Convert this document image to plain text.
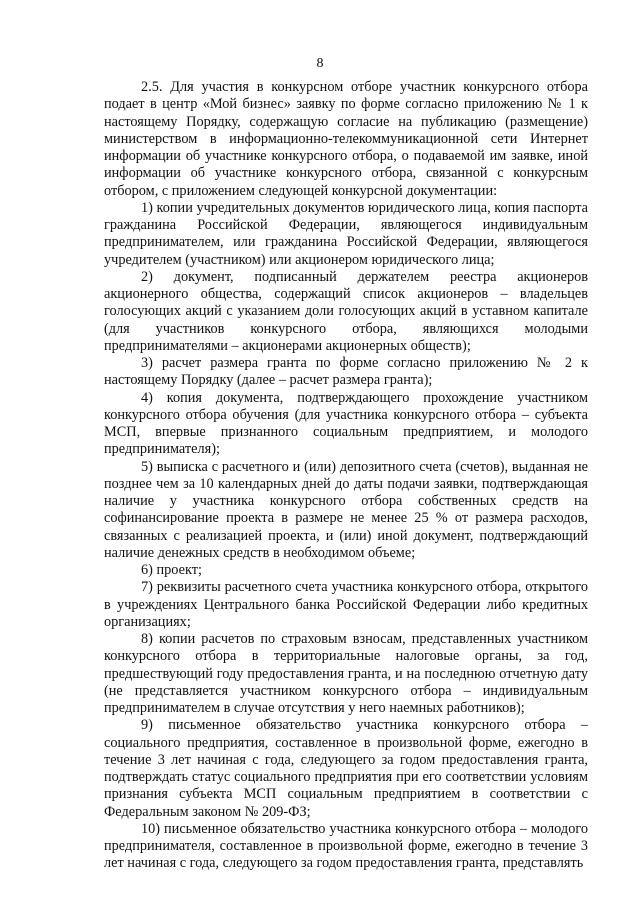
8

2.5. Для участия в конкурсном отборе участник конкурсного отбора подает в центр «Мой бизнес» заявку по форме согласно приложению № 1 к настоящему Порядку, содержащую согласие на публикацию (размещение) министерством в информационно-телекоммуникационной сети Интернет информации об участнике конкурсного отбора, о подаваемой им заявке, иной информации об участнике конкурсного отбора, связанной с конкурсным отбором, с приложением следующей конкурсной документации:

1) копии учредительных документов юридического лица, копия паспорта гражданина Российской Федерации, являющегося индивидуальным предпринимателем, или гражданина Российской Федерации, являющегося учредителем (участником) или акционером юридического лица;

2) документ, подписанный держателем реестра акционеров акционерного общества, содержащий список акционеров – владельцев голосующих акций с указанием доли голосующих акций в уставном капитале (для участников конкурсного отбора, являющихся молодыми предпринимателями – акционерами акционерных обществ);

3) расчет размера гранта по форме согласно приложению № 2 к настоящему Порядку (далее – расчет размера гранта);

4) копия документа, подтверждающего прохождение участником конкурсного отбора обучения (для участника конкурсного отбора – субъекта МСП, впервые признанного социальным предприятием, и молодого предпринимателя);

5) выписка с расчетного и (или) депозитного счета (счетов), выданная не позднее чем за 10 календарных дней до даты подачи заявки, подтверждающая наличие у участника конкурсного отбора собственных средств на софинансирование проекта в размере не менее 25 % от размера расходов, связанных с реализацией проекта, и (или) иной документ, подтверждающий наличие денежных средств в необходимом объеме;

6) проект;

7) реквизиты расчетного счета участника конкурсного отбора, открытого в учреждениях Центрального банка Российской Федерации либо кредитных организациях;

8) копии расчетов по страховым взносам, представленных участником конкурсного отбора в территориальные налоговые органы, за год, предшествующий году предоставления гранта, и на последнюю отчетную дату (не представляется участником конкурсного отбора – индивидуальным предпринимателем в случае отсутствия у него наемных работников);

9) письменное обязательство участника конкурсного отбора – социального предприятия, составленное в произвольной форме, ежегодно в течение 3 лет начиная с года, следующего за годом предоставления гранта, подтверждать статус социального предприятия при его соответствии условиям признания субъекта МСП социальным предприятием в соответствии с Федеральным законом № 209-ФЗ;

10) письменное обязательство участника конкурсного отбора – молодого предпринимателя, составленное в произвольной форме, ежегодно в течение 3 лет начиная с года, следующего за годом предоставления гранта, представлять
